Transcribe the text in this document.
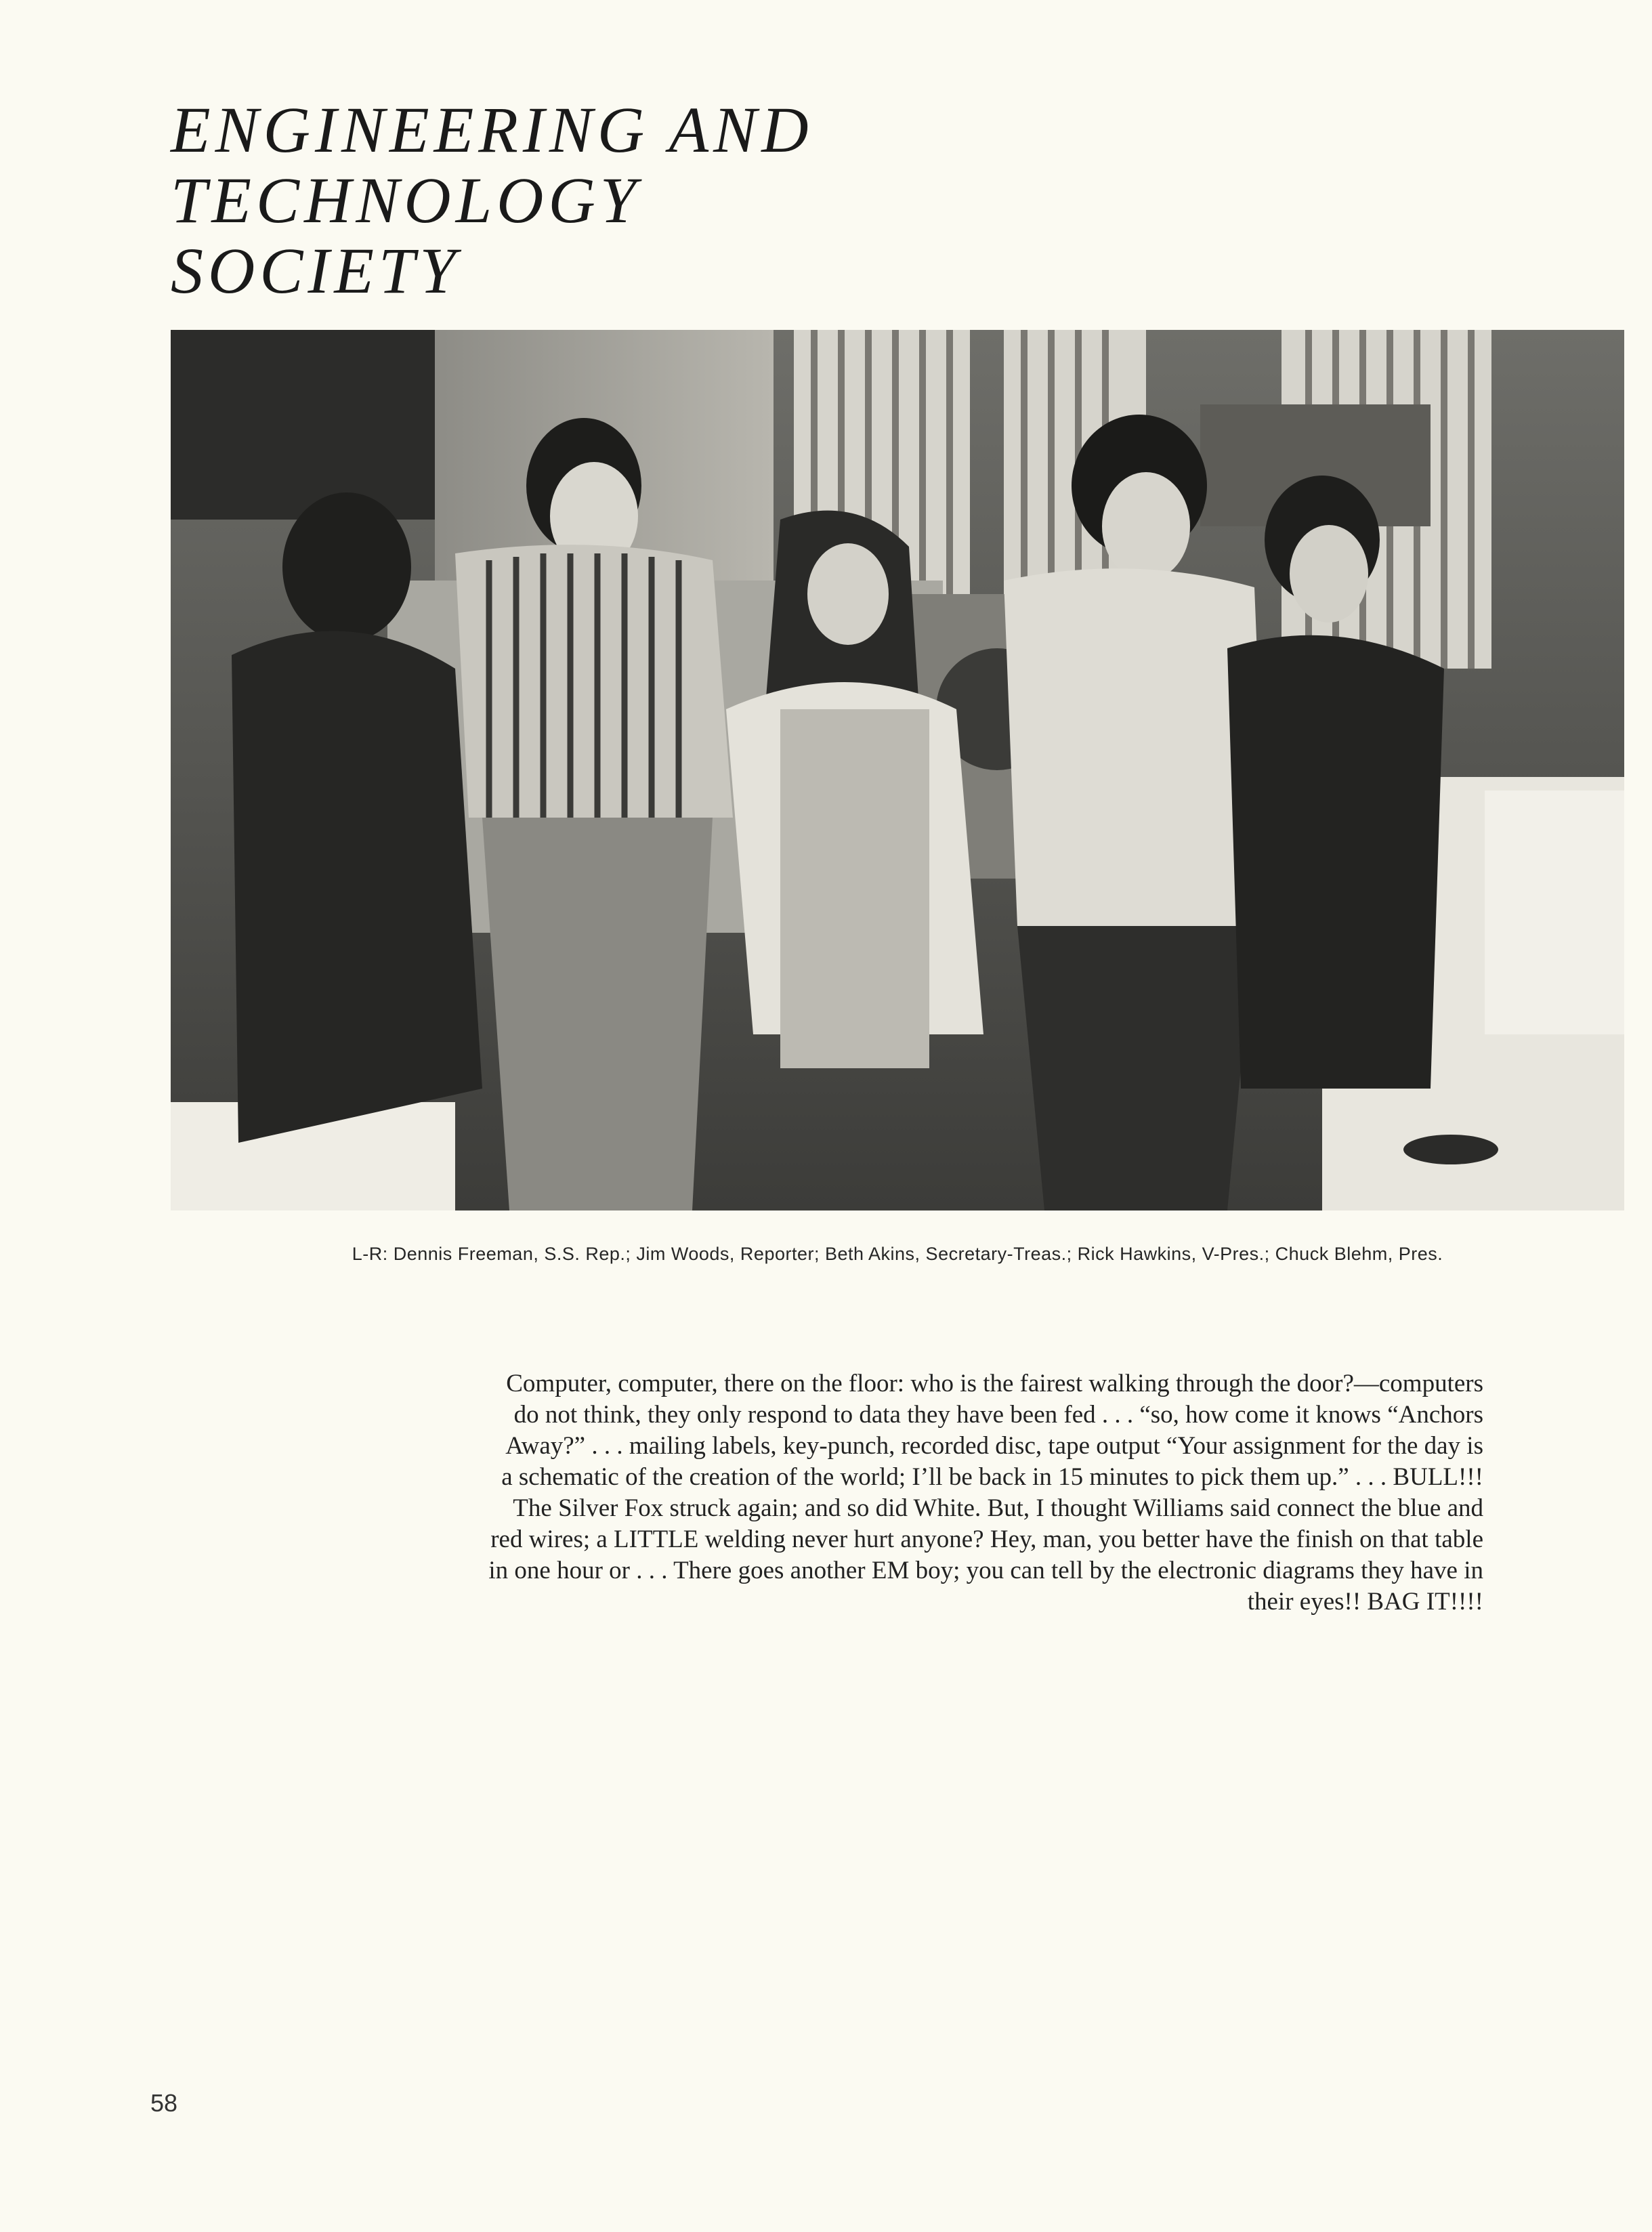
ENGINEERING AND
TECHNOLOGY
SOCIETY
L-R: Dennis Freeman, S.S. Rep.; Jim Woods, Reporter; Beth Akins, Secretary-Treas.; Rick Hawkins, V-Pres.; Chuck Blehm, Pres.
Computer, computer, there on the floor: who is the fairest walking through the door?—computers
do not think, they only respond to data they have been fed . . . “so, how come it knows “Anchors
Away?” . . . mailing labels, key-punch, recorded disc, tape output “Your assignment for the day is
a schematic of the creation of the world; I’ll be back in 15 minutes to pick them up.” . . . BULL!!!
The Silver Fox struck again; and so did White. But, I thought Williams said connect the blue and
red wires; a LITTLE welding never hurt anyone? Hey, man, you better have the finish on that table
in one hour or . . . There goes another EM boy; you can tell by the electronic diagrams they have in
their eyes!! BAG IT!!!!
58
